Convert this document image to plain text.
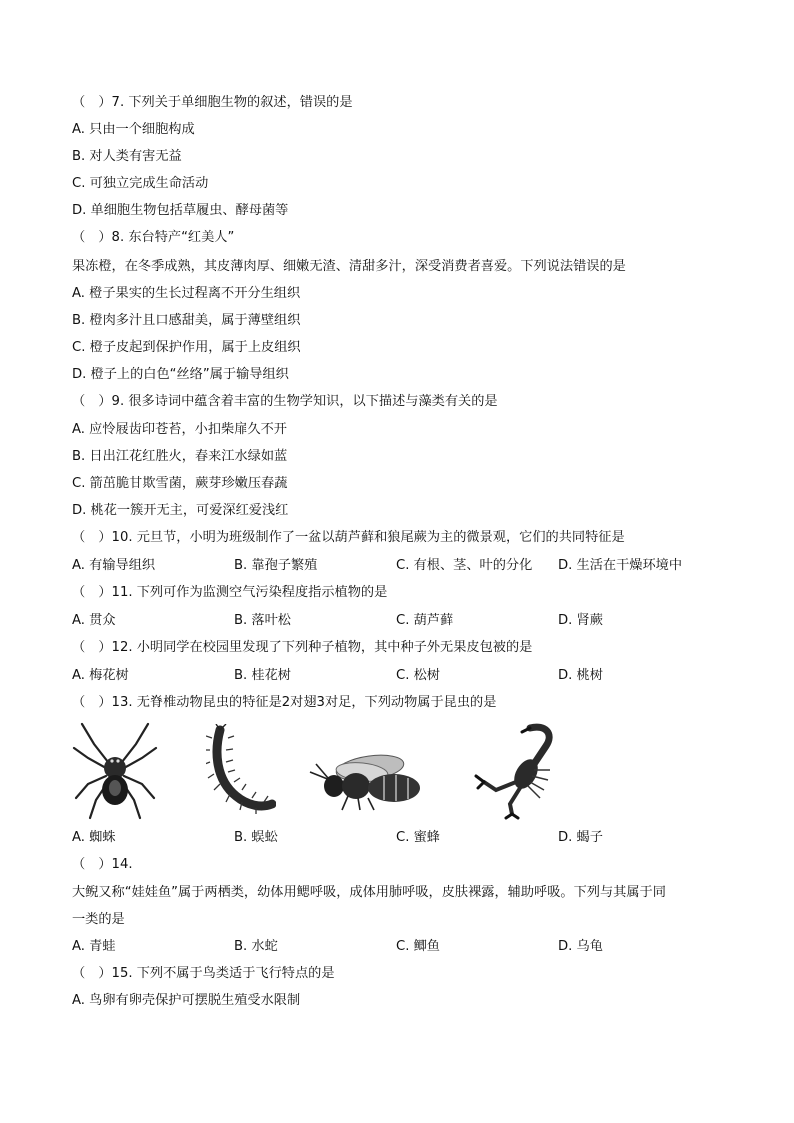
（　）7. 下列关于单细胞生物的叙述，错误的是
A. 只由一个细胞构成
B. 对人类有害无益
C. 可独立完成生命活动
D. 单细胞生物包括草履虫、酵母菌等
（　）8. 东台特产“红美人”
果冻橙，在冬季成熟，其皮薄肉厚、细嫩无渣、清甜多汁，深受消费者喜爱。下列说法错误的是
A. 橙子果实的生长过程离不开分生组织
B. 橙肉多汁且口感甜美，属于薄壁组织
C. 橙子皮起到保护作用，属于上皮组织
D. 橙子上的白色“丝络”属于输导组织
（　）9. 很多诗词中蕴含着丰富的生物学知识，以下描述与藻类有关的是
A. 应怜屐齿印苍苔，小扣柴扉久不开
B. 日出江花红胜火，春来江水绿如蓝
C. 箭茁脆甘欺雪菌，蕨芽珍嫩压春蔬
D. 桃花一簇开无主，可爱深红爱浅红
（　）10. 元旦节，小明为班级制作了一盆以葫芦藓和狼尾蕨为主的微景观，它们的共同特征是
A. 有输导组织	B. 靠孢子繁殖	C. 有根、茎、叶的分化 D. 生活在干燥环境中
（　）11. 下列可作为监测空气污染程度指示植物的是
A. 贯众	B. 落叶松	C. 葫芦藓	D. 肾蕨
（　）12. 小明同学在校园里发现了下列种子植物，其中种子外无果皮包被的是
A. 梅花树	B. 桂花树	C. 松树	D. 桃树
（　）13. 无脊椎动物昆虫的特征是2对翅3对足，下列动物属于昆虫的是
A. 蜘蛛	B. 蜈蚣	C. 蜜蜂	D. 蝎子
（　）14.
大鲵又称“娃娃鱼”属于两栖类，幼体用鳃呼吸，成体用肺呼吸，皮肤裸露，辅助呼吸。下列与其属于同
一类的是
A. 青蛙	B. 水蛇	C. 鲫鱼	D. 乌龟
（　）15. 下列不属于鸟类适于飞行特点的是
A. 鸟卵有卵壳保护可摆脱生殖受水限制
